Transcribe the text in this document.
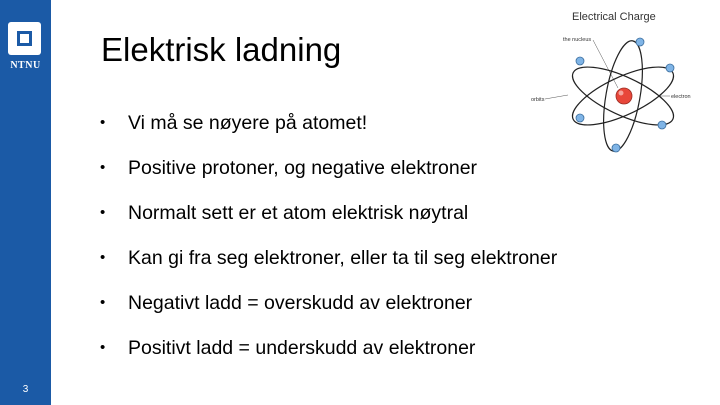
NTNU
3
Elektrisk ladning
• Vi må se nøyere på atomet!
• Positive protoner, og negative elektroner
• Normalt sett er et atom elektrisk nøytral
• Kan gi fra seg elektroner, eller ta til seg elektroner
• Negativt ladd = overskudd av elektroner
• Positivt ladd = underskudd av elektroner
Electrical Charge
the nucleus
orbits	electron
